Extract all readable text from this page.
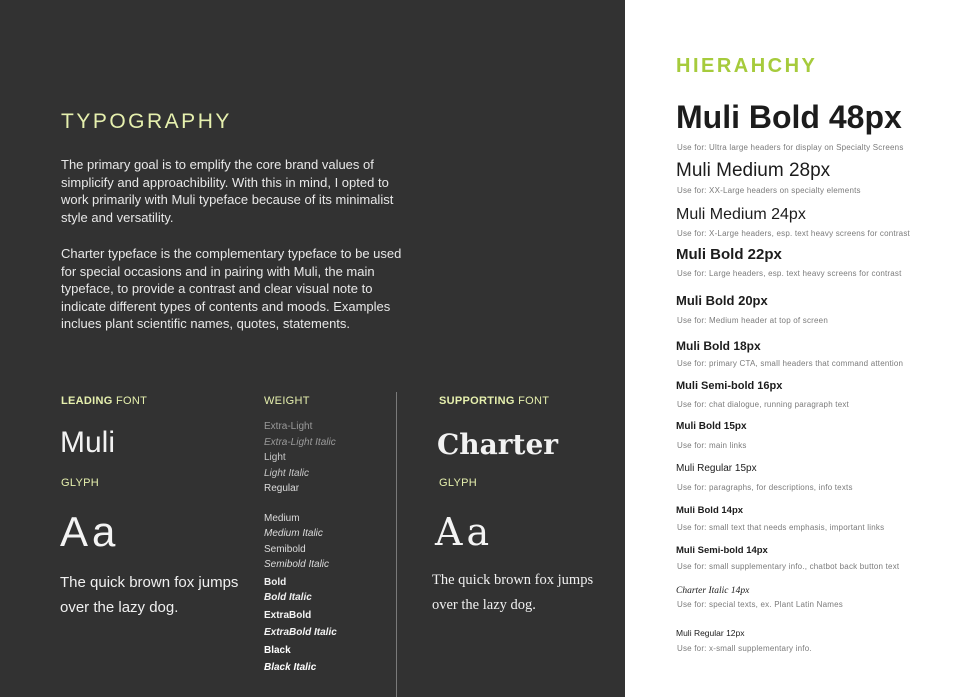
TYPOGRAPHY

The primary goal is to emplify the core brand values of simplicify and approachibility. With this in mind, I opted to work primarily with Muli typeface because of its minimalist style and versatility.

Charter typeface is the complementary typeface to be used for special occasions and in pairing with Muli, the main typeface, to provide a contrast and clear visual note to indicate different types of contents and moods. Examples inclues plant scientific names, quotes, statements.

LEADING FONT	WEIGHT	SUPPORTING FONT
Muli
GLYPH
Aa

The quick brown fox jumps over the lazy dog.

Extra-Light
Extra-Light Italic
Light
Light Italic
Regular
Medium
Medium Italic
Semibold
Semibold Italic
Bold
Bold Italic
ExtraBold
ExtraBold Italic
Black
Black Italic
Charter
GLYPH
Aa

The quick brown fox jumps over the lazy dog.

HIERAHCHY
Muli Bold 48px
Use for: Ultra large headers for display on Specialty Screens
Muli Medium 28px
Use for: XX-Large headers on specialty elements
Muli Medium 24px
Use for: X-Large headers, esp. text heavy screens for contrast
Muli Bold 22px
Use for: Large headers, esp. text heavy screens for contrast
Muli Bold 20px
Use for: Medium header at top of screen
Muli Bold 18px
Use for: primary CTA, small headers that command attention
Muli Semi-bold 16px
Use for: chat dialogue, running paragraph text
Muli Bold 15px
Use for: main links
Muli Regular 15px
Use for: paragraphs, for descriptions, info texts
Muli Bold 14px
Use for: small text that needs emphasis, important links
Muli Semi-bold 14px
Use for: small supplementary info., chatbot back button text
Charter Italic 14px
Use for: special texts, ex. Plant Latin Names
Muli Regular 12px
Use for: x-small supplementary info.
